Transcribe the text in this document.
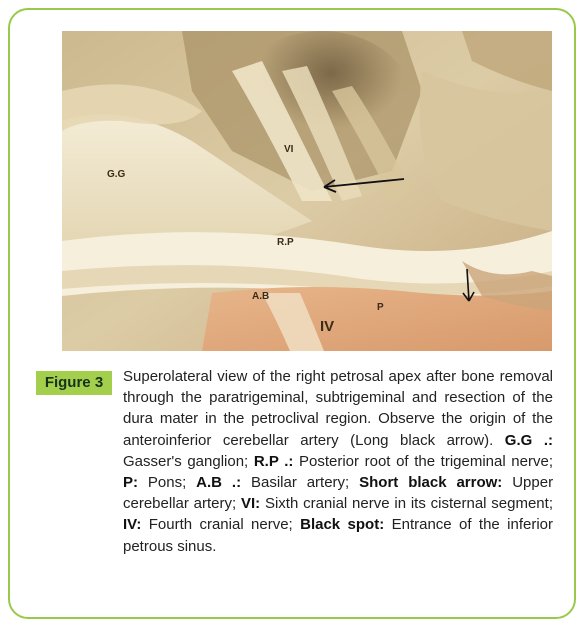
VI
G.G
R.P
A.B
P
IV
Figure 3	Superolateral view of the right petrosal apex after bone removal through the paratrigeminal, subtrigeminal and resection of the dura mater in the petroclival region. Observe the origin of the anteroinferior cerebellar artery (Long black arrow). G.G .: Gasser's ganglion; R.P .: Posterior root of the trigeminal nerve; P: Pons; A.B .: Basilar artery; Short black arrow: Upper cerebellar artery; VI: Sixth cranial nerve in its cisternal segment; IV: Fourth cranial nerve; Black spot: Entrance of the inferior petrous sinus.
